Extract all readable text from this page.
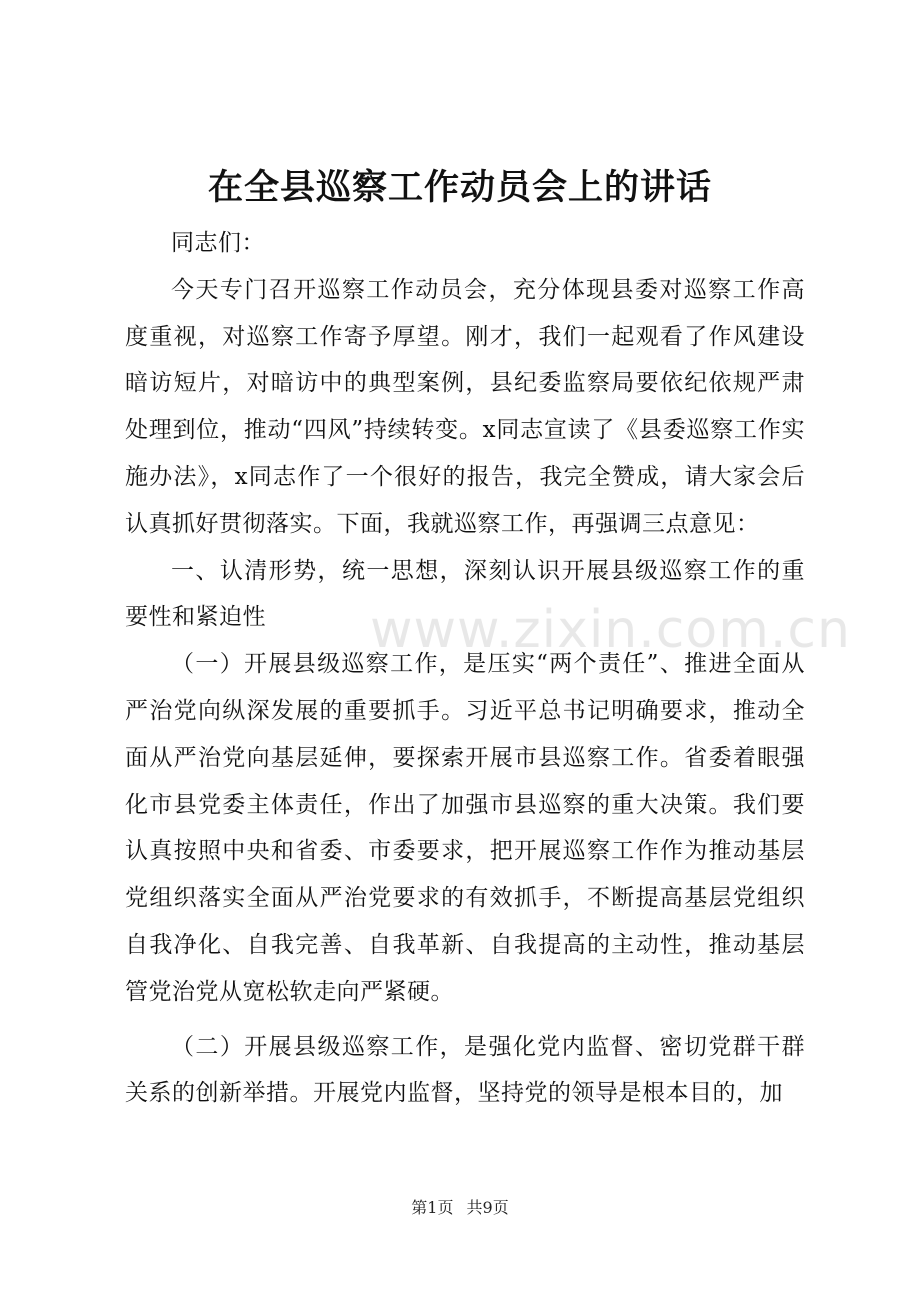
在全县巡察工作动员会上的讲话

同志们：

今天专门召开巡察工作动员会，充分体现县委对巡察工作高度重视，对巡察工作寄予厚望。刚才，我们一起观看了作风建设暗访短片，对暗访中的典型案例，县纪委监察局要依纪依规严肃处理到位，推动“四风”持续转变。x同志宣读了《县委巡察工作实施办法》，x同志作了一个很好的报告，我完全赞成，请大家会后认真抓好贯彻落实。下面，我就巡察工作，再强调三点意见：

一、认清形势，统一思想，深刻认识开展县级巡察工作的重要性和紧迫性

（一）开展县级巡察工作，是压实“两个责任”、推进全面从严治党向纵深发展的重要抓手。习近平总书记明确要求，推动全面从严治党向基层延伸，要探索开展市县巡察工作。省委着眼强化市县党委主体责任，作出了加强市县巡察的重大决策。我们要认真按照中央和省委、市委要求，把开展巡察工作作为推动基层党组织落实全面从严治党要求的有效抓手，不断提高基层党组织自我净化、自我完善、自我革新、自我提高的主动性，推动基层管党治党从宽松软走向严紧硬。

（二）开展县级巡察工作，是强化党内监督、密切党群干群关系的创新举措。开展党内监督，坚持党的领导是根本目的，加

www.zixin.com.cn
第1页 共9页
